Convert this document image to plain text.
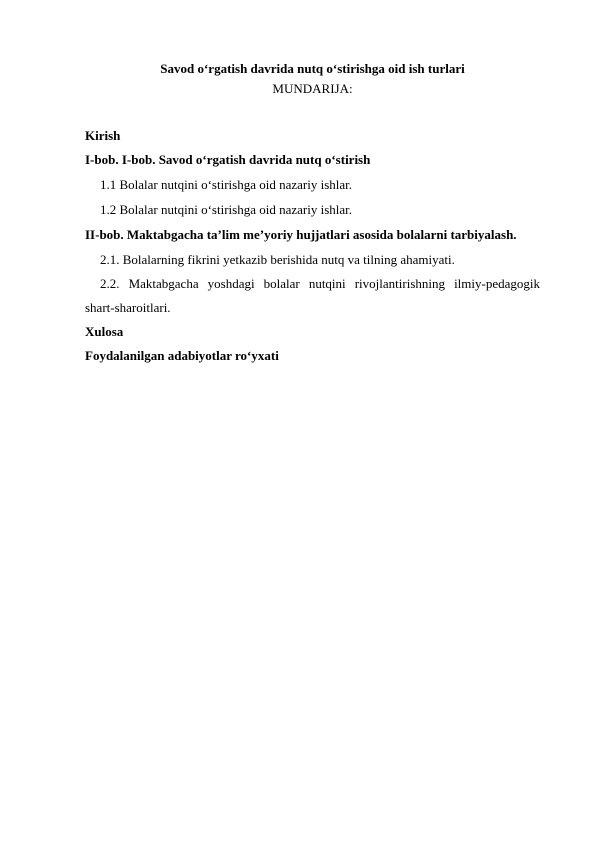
Savod o‘rgatish davrida nutq o‘stirishga oid ish turlari
MUNDARIJA:
Kirish
I-bob. I-bob. Savod o‘rgatish davrida nutq o‘stirish
1.1 Bolalar nutqini o‘stirishga oid nazariy ishlar.
1.2 Bolalar nutqini o‘stirishga oid nazariy ishlar.
II-bob. Maktabgacha ta’lim me’yoriy hujjatlari asosida bolalarni tarbiyalash.
2.1. Bolalarning fikrini yetkazib berishida nutq va tilning ahamiyati.
2.2. Maktabgacha yoshdagi bolalar nutqini rivojlantirishning ilmiy-pedagogik
shart-sharoitlari.
Xulosa
Foydalanilgan adabiyotlar ro‘yxati
